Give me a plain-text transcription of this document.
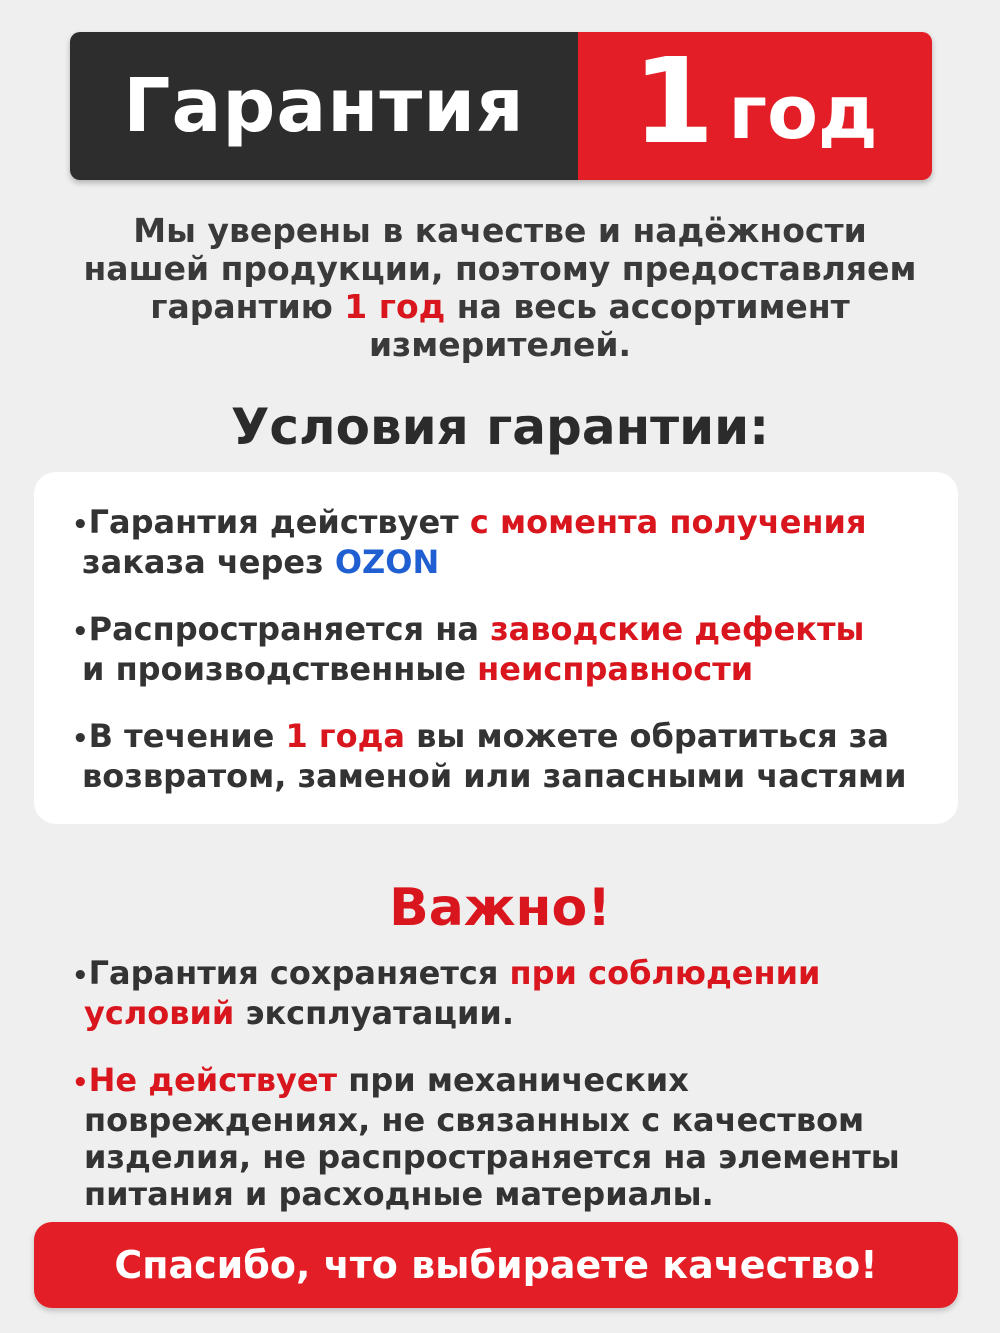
Гарантия 1 год
Мы уверены в качестве и надёжности
нашей продукции, поэтому предоставляем
гарантию 1 год на весь ассортимент
измерителей.
Условия гарантии:
•Гарантия действует с момента получения
заказа через OZON
•Распространяется на заводские дефекты
и производственные неисправности
•В течение 1 года вы можете обратиться за
возвратом, заменой или запасными частями
Важно!
•Гарантия сохраняется при соблюдении
условий эксплуатации.
•Не действует при механических
повреждениях, не связанных с качеством
изделия, не распространяется на элементы
питания и расходные материалы.
Спасибо, что выбираете качество!
